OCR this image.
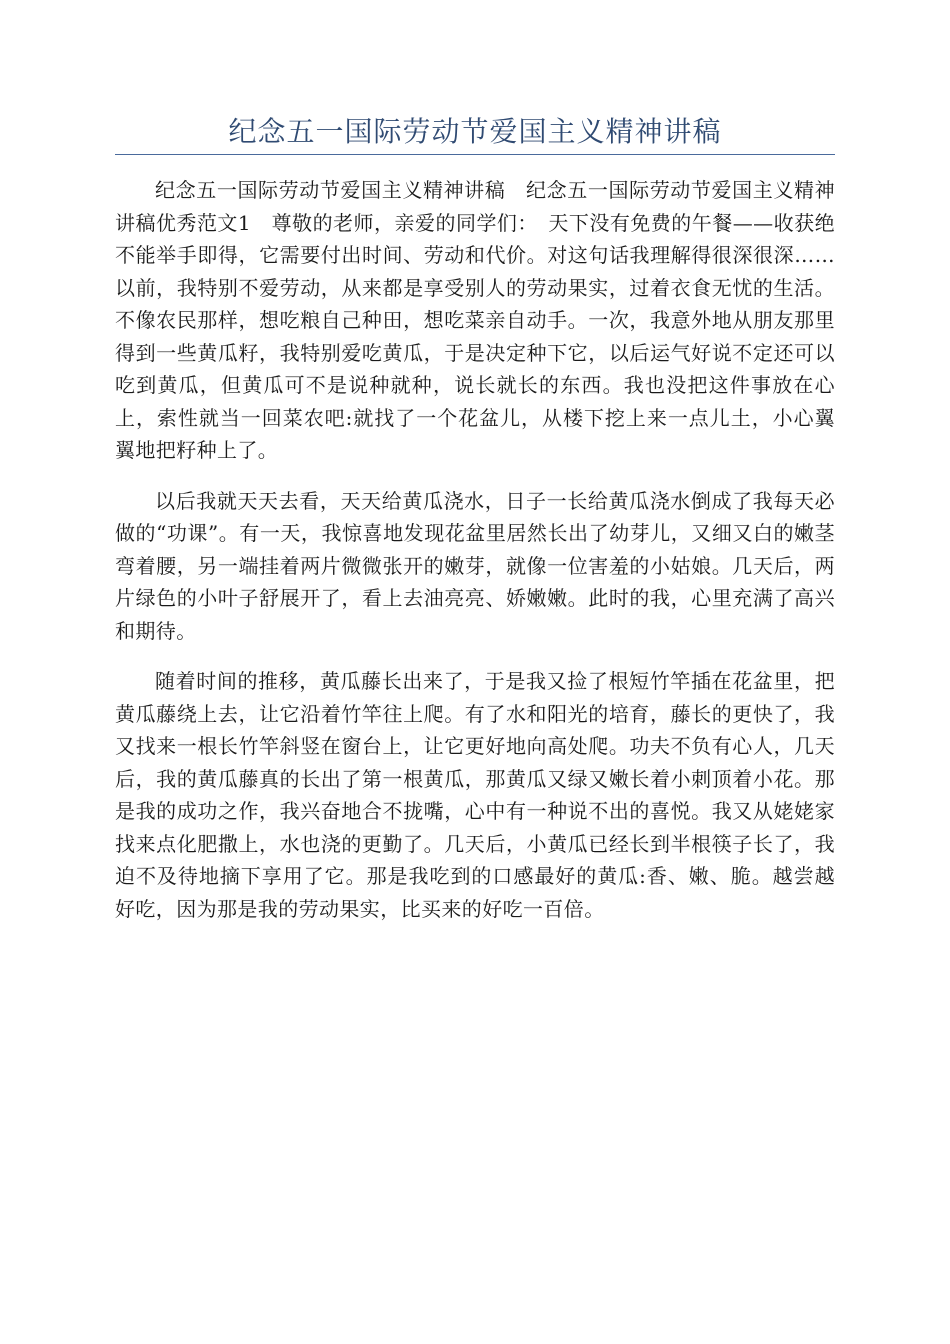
纪念五一国际劳动节爱国主义精神讲稿

纪念五一国际劳动节爱国主义精神讲稿　纪念五一国际劳动节爱国主义精神讲稿优秀范文1　尊敬的老师，亲爱的同学们：　天下没有免费的午餐——收获绝不能举手即得，它需要付出时间、劳动和代价。对这句话我理解得很深很深……　以前，我特别不爱劳动，从来都是享受别人的劳动果实，过着衣食无忧的生活。不像农民那样，想吃粮自己种田，想吃菜亲自动手。一次，我意外地从朋友那里得到一些黄瓜籽，我特别爱吃黄瓜，于是决定种下它，以后运气好说不定还可以吃到黄瓜，但黄瓜可不是说种就种，说长就长的东西。我也没把这件事放在心上，索性就当一回菜农吧:就找了一个花盆儿，从楼下挖上来一点儿土，小心翼翼地把籽种上了。

以后我就天天去看，天天给黄瓜浇水，日子一长给黄瓜浇水倒成了我每天必做的“功课”。有一天，我惊喜地发现花盆里居然长出了幼芽儿，又细又白的嫩茎弯着腰，另一端挂着两片微微张开的嫩芽，就像一位害羞的小姑娘。几天后，两片绿色的小叶子舒展开了，看上去油亮亮、娇嫩嫩。此时的我，心里充满了高兴和期待。

随着时间的推移，黄瓜藤长出来了，于是我又捡了根短竹竿插在花盆里，把黄瓜藤绕上去，让它沿着竹竿往上爬。有了水和阳光的培育，藤长的更快了，我又找来一根长竹竿斜竖在窗台上，让它更好地向高处爬。功夫不负有心人，几天后，我的黄瓜藤真的长出了第一根黄瓜，那黄瓜又绿又嫩长着小刺顶着小花。那是我的成功之作，我兴奋地合不拢嘴，心中有一种说不出的喜悦。我又从姥姥家找来点化肥撒上，水也浇的更勤了。几天后，小黄瓜已经长到半根筷子长了，我迫不及待地摘下享用了它。那是我吃到的口感最好的黄瓜:香、嫩、脆。越尝越好吃，因为那是我的劳动果实，比买来的好吃一百倍。
